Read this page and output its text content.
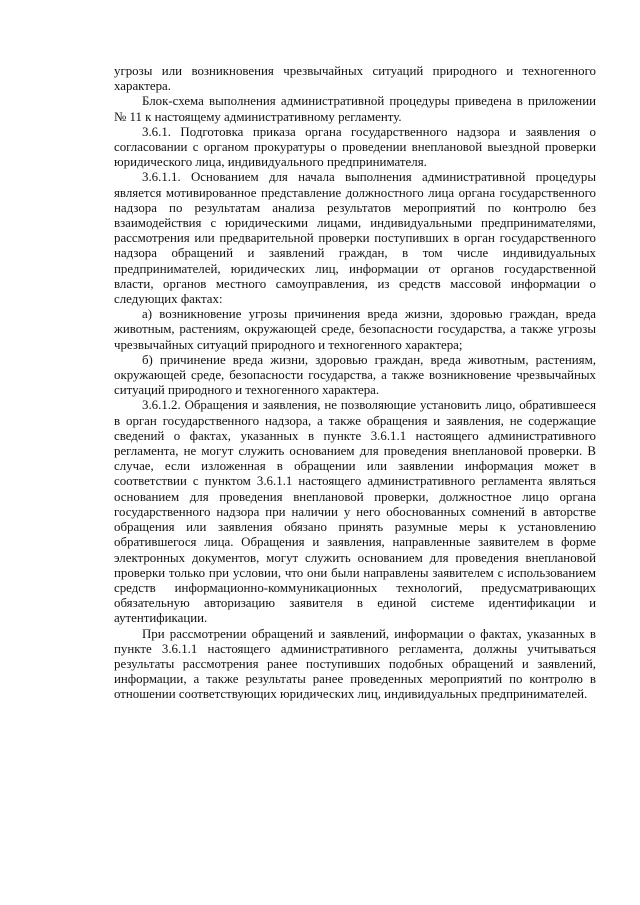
угрозы или возникновения чрезвычайных ситуаций природного и техногенного характера.

Блок-схема выполнения административной процедуры приведена в приложении № 11 к настоящему административному регламенту.

3.6.1. Подготовка приказа органа государственного надзора и заявления о согласовании с органом прокуратуры о проведении внеплановой выездной проверки юридического лица, индивидуального предпринимателя.

3.6.1.1. Основанием для начала выполнения административной процедуры является мотивированное представление должностного лица органа государственного надзора по результатам анализа результатов мероприятий по контролю без взаимодействия с юридическими лицами, индивидуальными предпринимателями, рассмотрения или предварительной проверки поступивших в орган государственного надзора обращений и заявлений граждан, в том числе индивидуальных предпринимателей, юридических лиц, информации от органов государственной власти, органов местного самоуправления, из средств массовой информации о следующих фактах:

а) возникновение угрозы причинения вреда жизни, здоровью граждан, вреда животным, растениям, окружающей среде, безопасности государства, а также угрозы чрезвычайных ситуаций природного и техногенного характера;

б) причинение вреда жизни, здоровью граждан, вреда животным, растениям, окружающей среде, безопасности государства, а также возникновение чрезвычайных ситуаций природного и техногенного характера.

3.6.1.2. Обращения и заявления, не позволяющие установить лицо, обратившееся в орган государственного надзора, а также обращения и заявления, не содержащие сведений о фактах, указанных в пункте 3.6.1.1 настоящего административного регламента, не могут служить основанием для проведения внеплановой проверки. В случае, если изложенная в обращении или заявлении информация может в соответствии с пунктом 3.6.1.1 настоящего административного регламента являться основанием для проведения внеплановой проверки, должностное лицо органа государственного надзора при наличии у него обоснованных сомнений в авторстве обращения или заявления обязано принять разумные меры к установлению обратившегося лица. Обращения и заявления, направленные заявителем в форме электронных документов, могут служить основанием для проведения внеплановой проверки только при условии, что они были направлены заявителем с использованием средств информационно-коммуникационных технологий, предусматривающих обязательную авторизацию заявителя в единой системе идентификации и аутентификации.

При рассмотрении обращений и заявлений, информации о фактах, указанных в пункте 3.6.1.1 настоящего административного регламента, должны учитываться результаты рассмотрения ранее поступивших подобных обращений и заявлений, информации, а также результаты ранее проведенных мероприятий по контролю в отношении соответствующих юридических лиц, индивидуальных предпринимателей.
